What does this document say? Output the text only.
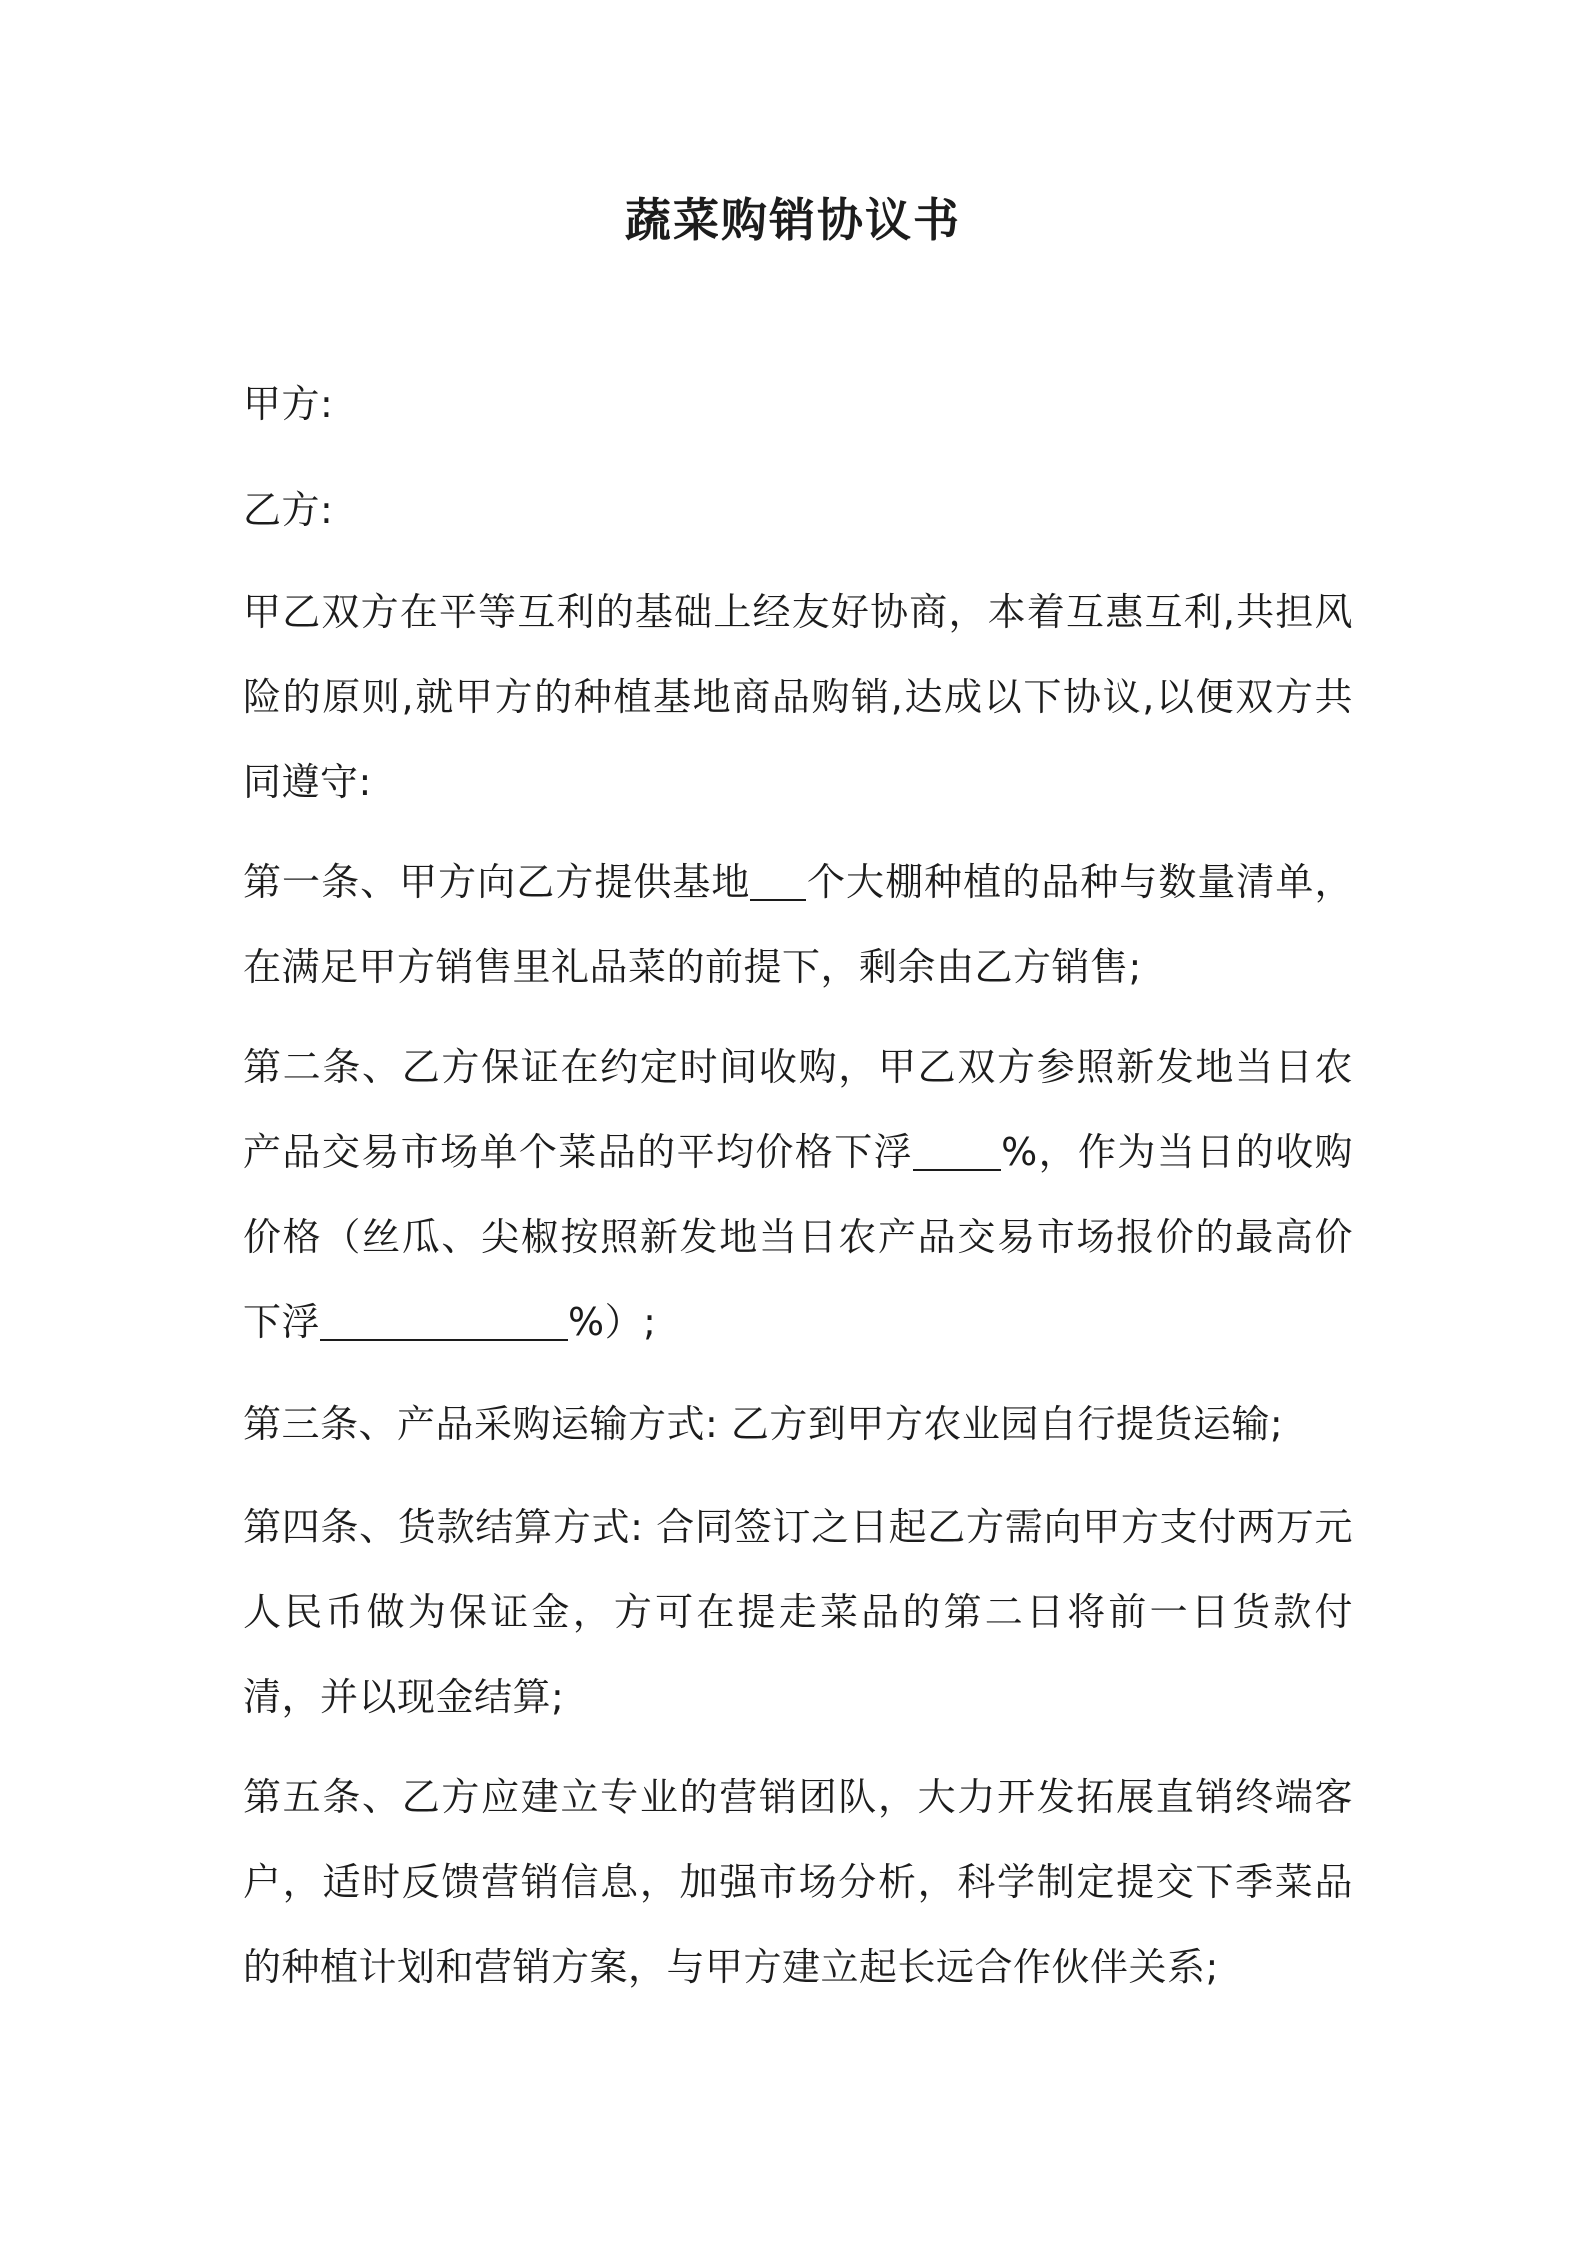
蔬菜购销协议书
甲方:
乙方:

甲乙双方在平等互利的基础上经友好协商，本着互惠互利,共担风险的原则,就甲方的种植基地商品购销,达成以下协议,以便双方共同遵守:

第一条、甲方向乙方提供基地 个大棚种植的品种与数量清单，在满足甲方销售里礼品菜的前提下，剩余由乙方销售;

第二条、乙方保证在约定时间收购，甲乙双方参照新发地当日农产品交易市场单个菜品的平均价格下浮 %，作为当日的收购价格（丝瓜、尖椒按照新发地当日农产品交易市场报价的最高价下浮	%）;

第三条、产品采购运输方式: 乙方到甲方农业园自行提货运输;

第四条、货款结算方式: 合同签订之日起乙方需向甲方支付两万元人民币做为保证金，方可在提走菜品的第二日将前一日货款付清，并以现金结算;

第五条、乙方应建立专业的营销团队，大力开发拓展直销终端客户，适时反馈营销信息，加强市场分析，科学制定提交下季菜品的种植计划和营销方案，与甲方建立起长远合作伙伴关系;
